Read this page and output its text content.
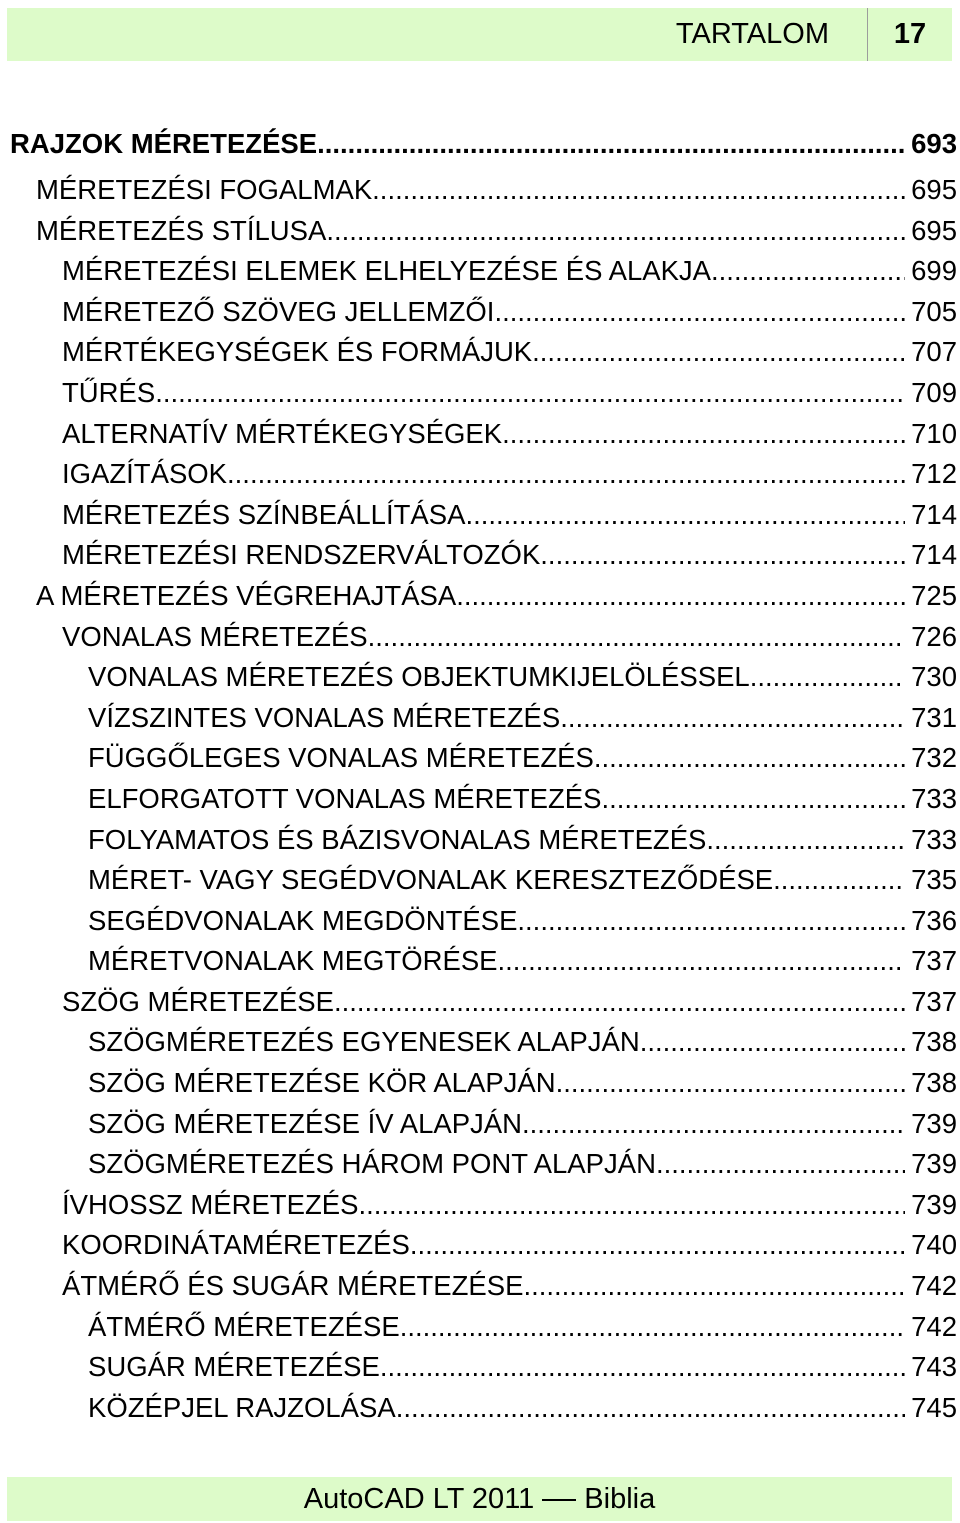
TARTALOM	17
RAJZOK MÉRETEZÉSE .....	693
MÉRETEZÉSI FOGALMAK .....	695
MÉRETEZÉS STÍLUSA .....	695
MÉRETEZÉSI ELEMEK ELHELYEZÉSE ÉS ALAKJA .....	699
MÉRETEZŐ SZÖVEG JELLEMZŐI .....	705
MÉRTÉKEGYSÉGEK ÉS FORMÁJUK .....	707
TŰRÉS .....	709
ALTERNATÍV MÉRTÉKEGYSÉGEK .....	710
IGAZÍTÁSOK .....	712
MÉRETEZÉS SZÍNBEÁLLÍTÁSA .....	714
MÉRETEZÉSI RENDSZERVÁLTOZÓK .....	714
A MÉRETEZÉS VÉGREHAJTÁSA .....	725
VONALAS MÉRETEZÉS .....	726
VONALAS MÉRETEZÉS OBJEKTUMKIJELÖLÉSSEL .....	730
VÍZSZINTES VONALAS MÉRETEZÉS .....	731
FÜGGŐLEGES VONALAS MÉRETEZÉS .....	732
ELFORGATOTT VONALAS MÉRETEZÉS .....	733
FOLYAMATOS ÉS BÁZISVONALAS MÉRETEZÉS .....	733
MÉRET- VAGY SEGÉDVONALAK KERESZTEZŐDÉSE .....	735
SEGÉDVONALAK MEGDÖNTÉSE .....	736
MÉRETVONALAK MEGTÖRÉSE .....	737
SZÖG MÉRETEZÉSE .....	737
SZÖGMÉRETEZÉS EGYENESEK ALAPJÁN .....	738
SZÖG MÉRETEZÉSE KÖR ALAPJÁN .....	738
SZÖG MÉRETEZÉSE ÍV ALAPJÁN .....	739
SZÖGMÉRETEZÉS HÁROM PONT ALAPJÁN .....	739
ÍVHOSSZ MÉRETEZÉS .....	739
KOORDINÁTAMÉRETEZÉS .....	740
ÁTMÉRŐ ÉS SUGÁR MÉRETEZÉSE .....	742
ÁTMÉRŐ MÉRETEZÉSE .....	742
SUGÁR MÉRETEZÉSE .....	743
KÖZÉPJEL RAJZOLÁSA .....	745
AutoCAD LT 2011 Biblia
